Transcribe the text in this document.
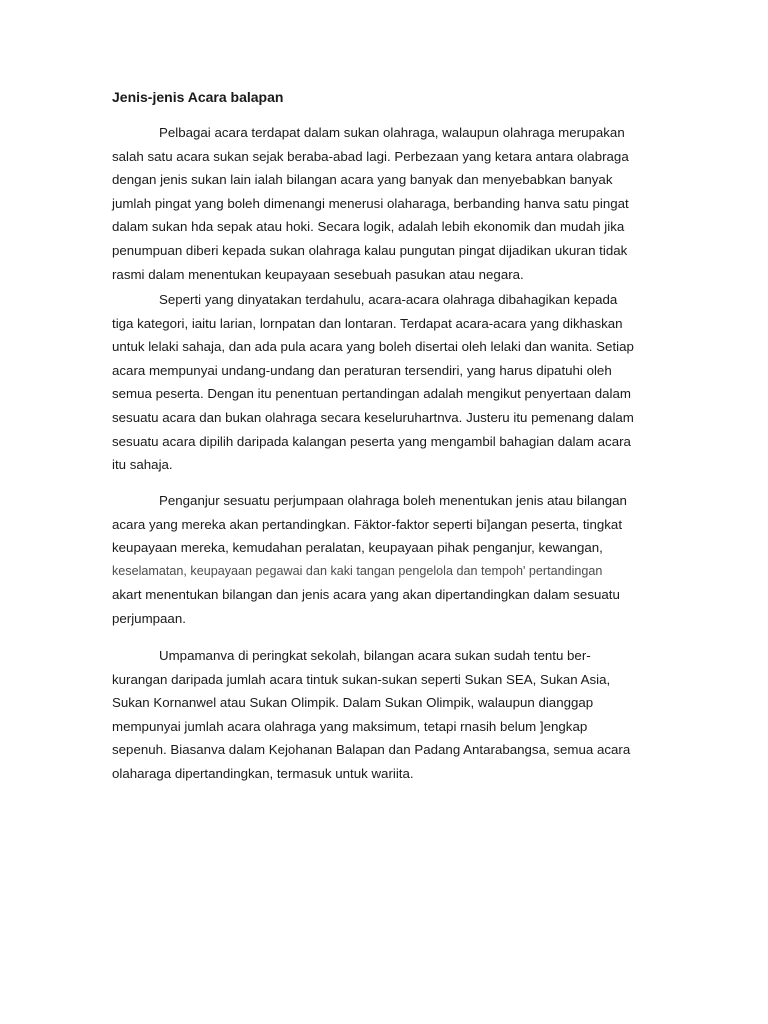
Jenis-jenis Acara balapan

Pelbagai acara terdapat dalam sukan olahraga, walaupun olahraga merupakan
salah satu acara sukan sejak beraba-abad lagi. Perbezaan yang ketara antara olabraga
dengan jenis sukan lain ialah bilangan acara yang banyak dan menyebabkan banyak
jumlah pingat yang boleh dimenangi menerusi olaharaga, berbanding hanva satu pingat
dalam sukan hda sepak atau hoki. Secara logik, adalah lebih ekonomik dan mudah jika
penumpuan diberi kepada sukan olahraga kalau pungutan pingat dijadikan ukuran tidak
rasmi dalam menentukan keupayaan sesebuah pasukan atau negara.

Seperti yang dinyatakan terdahulu, acara-acara olahraga dibahagikan kepada
tiga kategori, iaitu larian, lornpatan dan lontaran. Terdapat acara-acara yang dikhaskan
untuk lelaki sahaja, dan ada pula acara yang boleh disertai oleh lelaki dan wanita. Setiap
acara mempunyai undang-undang dan peraturan tersendiri, yang harus dipatuhi oleh
semua peserta. Dengan itu penentuan pertandingan adalah mengikut penyertaan dalam
sesuatu acara dan bukan olahraga secara keseluruhartnva. Justeru itu pemenang dalam
sesuatu acara dipilih daripada kalangan peserta yang mengambil bahagian dalam acara
itu sahaja.

Penganjur sesuatu perjumpaan olahraga boleh menentukan jenis atau bilangan
acara yang mereka akan pertandingkan. Fäktor-faktor seperti bi]angan peserta, tingkat
keupayaan mereka, kemudahan peralatan, keupayaan pihak penganjur, kewangan,
keselamatan, keupayaan pegawai dan kaki tangan pengelola dan tempoh' pertandingan
akart menentukan bilangan dan jenis acara yang akan dipertandingkan dalam sesuatu
perjumpaan.

Umpamanva di peringkat sekolah, bilangan acara sukan sudah tentu ber-
kurangan daripada jumlah acara tintuk sukan-sukan seperti Sukan SEA, Sukan Asia,
Sukan Kornanwel atau Sukan Olimpik. Dalam Sukan Olimpik, walaupun dianggap
mempunyai jumlah acara olahraga yang maksimum, tetapi rnasih belum ]engkap
sepenuh. Biasanva dalam Kejohanan Balapan dan Padang Antarabangsa, semua acara
olaharaga dipertandingkan, termasuk untuk wariita.
